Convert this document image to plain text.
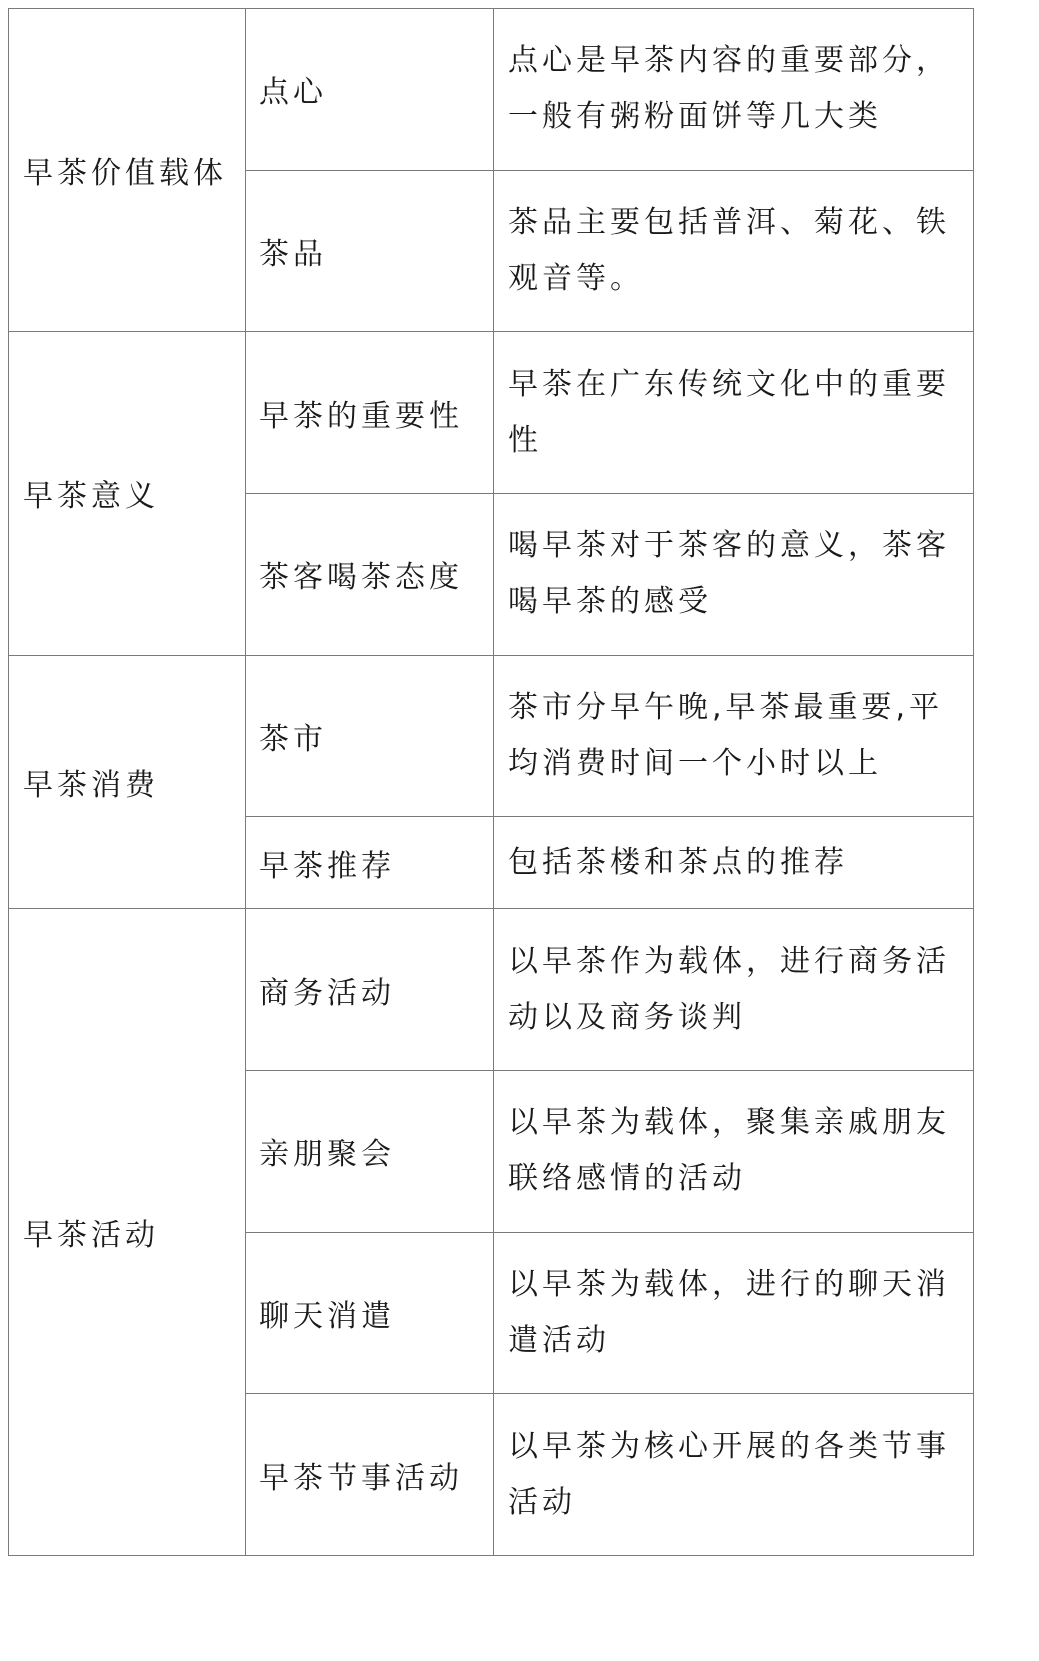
早茶价值载体	点心	点心是早茶内容的重要部分，一般有粥粉面饼等几大类
	茶品	茶品主要包括普洱、菊花、铁观音等。
早茶意义	早茶的重要性	早茶在广东传统文化中的重要性
	茶客喝茶态度	喝早茶对于茶客的意义，茶客喝早茶的感受
早茶消费	茶市	茶市分早午晚,早茶最重要,平均消费时间一个小时以上
	早茶推荐	包括茶楼和茶点的推荐
早茶活动	商务活动	以早茶作为载体，进行商务活动以及商务谈判
	亲朋聚会	以早茶为载体，聚集亲戚朋友联络感情的活动
	聊天消遣	以早茶为载体，进行的聊天消遣活动
	早茶节事活动	以早茶为核心开展的各类节事活动
